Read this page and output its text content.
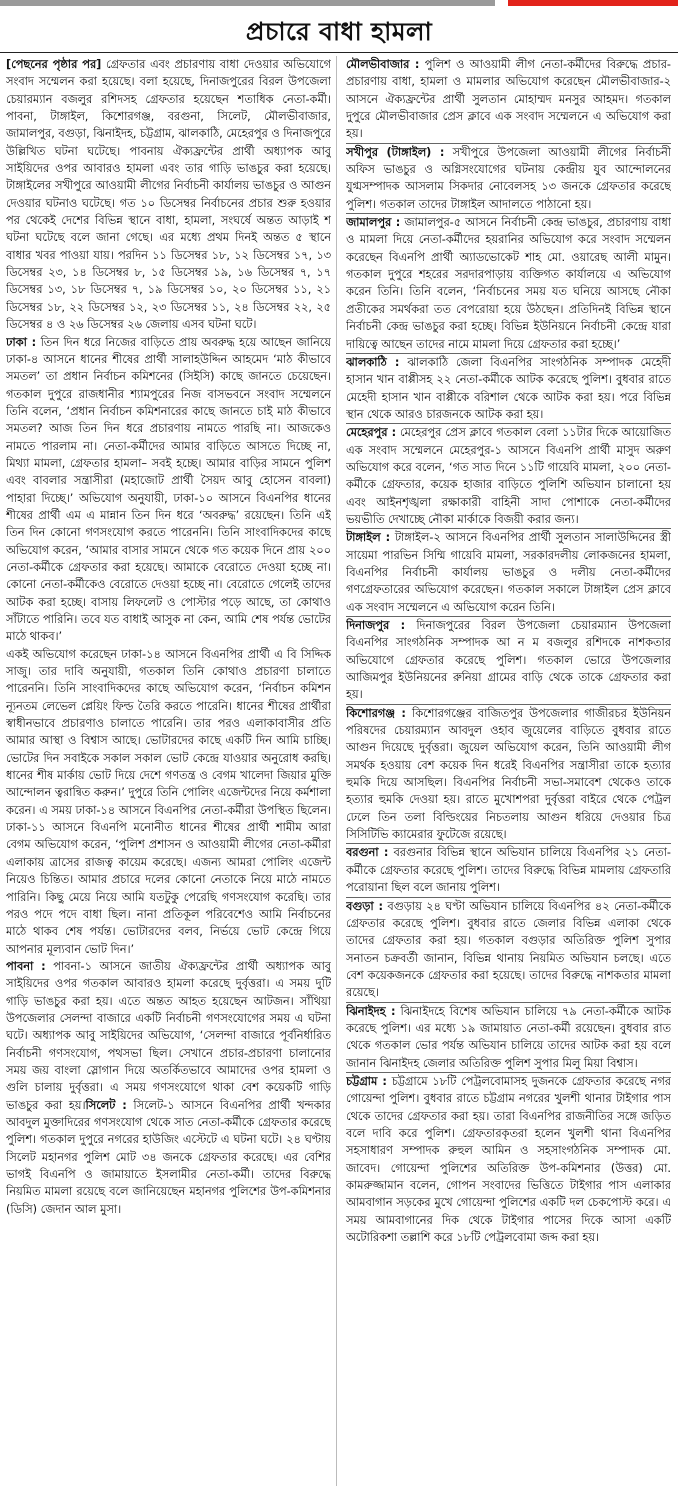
প্রচারে বাধা হামলা

[পেছনের পৃষ্ঠার পর] গ্রেফতার এবং প্রচারণায় বাধা দেওয়ার অভিযোগে সংবাদ সম্মেলন করা হয়েছে। বলা হয়েছে, দিনাজপুরের বিরল উপজেলা চেয়ারম্যান বজলুর রশিদসহ গ্রেফতার হয়েছেন শতাধিক নেতা-কর্মী। পাবনা, টাঙ্গাইল, কিশোরগঞ্জ, বরগুনা, সিলেট, মৌলভীবাজার, জামালপুর, বগুড়া, ঝিনাইদহ, চট্টগ্রাম, ঝালকাঠি, মেহেরপুর ও দিনাজপুরে উল্লিখিত ঘটনা ঘটেছে। পাবনায় ঐক্যফ্রন্টের প্রার্থী অধ্যাপক আবু সাইয়িদের ওপর আবারও হামলা এবং তার গাড়ি ভাঙচুর করা হয়েছে। টাঙ্গাইলের সখীপুরে আওয়ামী লীগের নির্বাচনী কার্যালয় ভাঙচুর ও আগুন দেওয়ার ঘটনাও ঘটেছে। গত ১০ ডিসেম্বর নির্বাচনের প্রচার শুরু হওয়ার পর থেকেই দেশের বিভিন্ন স্থানে বাধা, হামলা, সংঘর্ষে অন্তত আড়াই শ ঘটনা ঘটেছে বলে জানা গেছে। এর মধ্যে প্রথম দিনই অন্তত ৫ স্থানে বাধার খবর পাওয়া যায়। পরদিন ১১ ডিসেম্বর ১৮, ১২ ডিসেম্বর ১৭, ১৩ ডিসেম্বর ২৩, ১৪ ডিসেম্বর ৮, ১৫ ডিসেম্বর ১৯, ১৬ ডিসেম্বর ৭, ১৭ ডিসেম্বর ১৩, ১৮ ডিসেম্বর ৭, ১৯ ডিসেম্বর ১০, ২০ ডিসেম্বর ১১, ২১ ডিসেম্বর ১৮, ২২ ডিসেম্বর ১২, ২৩ ডিসেম্বর ১১, ২৪ ডিসেম্বর ২২, ২৫ ডিসেম্বর ৪ ও ২৬ ডিসেম্বর ২৬ জেলায় এসব ঘটনা ঘটে।

ঢাকা : তিন দিন ধরে নিজের বাড়িতে প্রায় অবরুদ্ধ হয়ে আছেন জানিয়ে ঢাকা-৪ আসনে ধানের শীষের প্রার্থী সালাহউদ্দিন আহমেদ ‘মাঠ কীভাবে সমতল’ তা প্রধান নির্বাচন কমিশনের (সিইসি) কাছে জানতে চেয়েছেন। গতকাল দুপুরে রাজধানীর শ্যামপুরের নিজ বাসভবনে সংবাদ সম্মেলনে তিনি বলেন, ‘প্রধান নির্বাচন কমিশনারের কাছে জানতে চাই মাঠ কীভাবে সমতল? আজ তিন দিন ধরে প্রচারণায় নামতে পারছি না। আজকেও নামতে পারলাম না। নেতা-কর্মীদের আমার বাড়িতে আসতে দিচ্ছে না, মিথ্যা মামলা, গ্রেফতার হামলা– সবই হচ্ছে। আমার বাড়ির সামনে পুলিশ এবং বাবলার সন্ত্রাসীরা (মহাজোট প্রার্থী সৈয়দ আবু হোসেন বাবলা) পাহারা দিচ্ছে।’ অভিযোগ অনুযায়ী, ঢাকা-১০ আসনে বিএনপির ধানের শীষের প্রার্থী এম এ মান্নান তিন দিন ধরে ‘অবরুদ্ধ’ রয়েছেন। তিনি এই তিন দিন কোনো গণসংযোগ করতে পারেননি। তিনি সাংবাদিকদের কাছে অভিযোগ করেন, ‘আমার বাসার সামনে থেকে গত কয়েক দিনে প্রায় ২০০ নেতা-কর্মীকে গ্রেফতার করা হয়েছে। আমাকে বেরোতে দেওয়া হচ্ছে না। কোনো নেতা-কর্মীকেও বেরোতে দেওয়া হচ্ছে না। বেরোতে গেলেই তাদের আটক করা হচ্ছে। বাসায় লিফলেট ও পোস্টার পড়ে আছে, তা কোথাও সাঁটাতে পারিনি। তবে যত বাধাই আসুক না কেন, আমি শেষ পর্যন্ত ভোটের মাঠে থাকব।’

একই অভিযোগ করেছেন ঢাকা-১৪ আসনে বিএনপির প্রার্থী এ বি সিদ্দিক সাজু। তার দাবি অনুযায়ী, গতকাল তিনি কোথাও প্রচারণা চালাতে পারেননি। তিনি সাংবাদিকদের কাছে অভিযোগ করেন, ‘নির্বাচন কমিশন ন্যূনতম লেভেল প্লেয়িং ফিল্ড তৈরি করতে পারেনি। ধানের শীষের প্রার্থীরা স্বাধীনভাবে প্রচারণাও চালাতে পারেনি। তার পরও এলাকাবাসীর প্রতি আমার আস্থা ও বিশ্বাস আছে। ভোটারদের কাছে একটি দিন আমি চাচ্ছি। ভোটের দিন সবাইকে সকাল সকাল ভোট কেন্দ্রে যাওয়ার অনুরোধ করছি। ধানের শীষ মার্কায় ভোট দিয়ে দেশে গণতন্ত্র ও বেগম খালেদা জিয়ার মুক্তি আন্দোলন ত্বরান্বিত করুন।’ দুপুরে তিনি পোলিং এজেন্টদের নিয়ে কর্মশালা করেন। এ সময় ঢাকা-১৪ আসনে বিএনপির নেতা-কর্মীরা উপস্থিত ছিলেন। ঢাকা-১১ আসনে বিএনপি মনোনীত ধানের শীষের প্রার্থী শামীম আরা বেগম অভিযোগ করেন, ‘পুলিশ প্রশাসন ও আওয়ামী লীগের নেতা-কর্মীরা এলাকায় ত্রাসের রাজত্ব কায়েম করেছে। এজন্য আমরা পোলিং এজেন্ট নিয়েও চিন্তিত। আমার প্রচারে দলের কোনো নেতাকে নিয়ে মাঠে নামতে পারিনি। কিছু মেয়ে নিয়ে আমি যতটুকু পেরেছি গণসংযোগ করেছি। তার পরও পদে পদে বাধা ছিল। নানা প্রতিকূল পরিবেশেও আমি নির্বাচনের মাঠে থাকব শেষ পর্যন্ত। ভোটারদের বলব, নির্ভয়ে ভোট কেন্দ্রে গিয়ে আপনার মূল্যবান ভোট দিন।’

পাবনা : পাবনা-১ আসনে জাতীয় ঐক্যফ্রন্টের প্রার্থী অধ্যাপক আবু সাইয়িদের ওপর গতকাল আবারও হামলা করেছে দুর্বৃত্তরা। এ সময় দুটি গাড়ি ভাঙচুর করা হয়। এতে অন্তত আহত হয়েছেন আটজন। সাঁথিয়া উপজেলার সেলন্দা বাজারে একটি নির্বাচনী গণসংযোগের সময় এ ঘটনা ঘটে। অধ্যাপক আবু সাইয়িদের অভিযোগ, ‘সেলন্দা বাজারে পূর্বনির্ধারিত নির্বাচনী গণসংযোগ, পথসভা ছিল। সেখানে প্রচার-প্রচারণা চালানোর সময় জয় বাংলা স্লোগান দিয়ে অতর্কিতভাবে আমাদের ওপর হামলা ও গুলি চালায় দুর্বৃত্তরা। এ সময় গণসংযোগে থাকা বেশ কয়েকটি গাড়ি ভাঙচুর করা হয়।সিলেট : সিলেট-১ আসনে বিএনপির প্রার্থী খন্দকার আবদুল মুক্তাদিরের গণসংযোগ থেকে সাত নেতা-কর্মীকে গ্রেফতার করেছে পুলিশ। গতকাল দুপুরে নগরের হাউজিং এস্টেটে এ ঘটনা ঘটে। ২৪ ঘণ্টায় সিলেট মহানগর পুলিশ মোট ৩৪ জনকে গ্রেফতার করেছে। এর বেশির ভাগই বিএনপি ও জামায়াতে ইসলামীর নেতা-কর্মী। তাদের বিরুদ্ধে নিয়মিত মামলা রয়েছে বলে জানিয়েছেন মহানগর পুলিশের উপ-কমিশনার (ডিসি) জেদান আল মুসা।

মৌলভীবাজার : পুলিশ ও আওয়ামী লীগ নেতা-কর্মীদের বিরুদ্ধে প্রচার-প্রচারণায় বাধা, হামলা ও মামলার অভিযোগ করেছেন মৌলভীবাজার-২ আসনে ঐক্যফ্রন্টের প্রার্থী সুলতান মোহাম্মদ মনসুর আহমদ। গতকাল দুপুরে মৌলভীবাজার প্রেস ক্লাবে এক সংবাদ সম্মেলনে এ অভিযোগ করা হয়।

সখীপুর (টাঙ্গাইল) : সখীপুরে উপজেলা আওয়ামী লীগের নির্বাচনী অফিস ভাঙচুর ও অগ্নিসংযোগের ঘটনায় কেন্দ্রীয় যুব আন্দোলনের যুগ্মসম্পাদক আসলাম সিকদার নোবেলসহ ১৩ জনকে গ্রেফতার করেছে পুলিশ। গতকাল তাদের টাঙ্গাইল আদালতে পাঠানো হয়।

জামালপুর : জামালপুর-৫ আসনে নির্বাচনী কেন্দ্র ভাঙচুর, প্রচারণায় বাধা ও মামলা দিয়ে নেতা-কর্মীদের হয়রানির অভিযোগ করে সংবাদ সম্মেলন করেছেন বিএনপি প্রার্থী অ্যাডভোকেট শাহ মো. ওয়ারেছ আলী মামুন। গতকাল দুপুরে শহরের সরদারপাড়ায় ব্যক্তিগত কার্যালয়ে এ অভিযোগ করেন তিনি। তিনি বলেন, ‘নির্বাচনের সময় যত ঘনিয়ে আসছে নৌকা প্রতীকের সমর্থকরা তত বেপরোয়া হয়ে উঠছেন। প্রতিদিনই বিভিন্ন স্থানে নির্বাচনী কেন্দ্র ভাঙচুর করা হচ্ছে। বিভিন্ন ইউনিয়নে নির্বাচনী কেন্দ্রে যারা দায়িত্বে আছেন তাদের নামে মামলা দিয়ে গ্রেফতার করা হচ্ছে।’

ঝালকাঠি : ঝালকাঠি জেলা বিএনপির সাংগঠনিক সম্পাদক মেহেদী হাসান খান বাপ্পীসহ ২২ নেতা-কর্মীকে আটক করেছে পুলিশ। বুধবার রাতে মেহেদী হাসান খান বাপ্পীকে বরিশাল থেকে আটক করা হয়। পরে বিভিন্ন স্থান থেকে আরও চারজনকে আটক করা হয়।

মেহেরপুর : মেহেরপুর প্রেস ক্লাবে গতকাল বেলা ১১টার দিকে আয়োজিত এক সংবাদ সম্মেলনে মেহেরপুর-১ আসনে বিএনপি প্রার্থী মাসুদ অরুণ অভিযোগ করে বলেন, ‘গত সাত দিনে ১১টি গায়েবি মামলা, ২০০ নেতা-কর্মীকে গ্রেফতার, কয়েক হাজার বাড়িতে পুলিশি অভিযান চালানো হয় এবং আইনশৃঙ্খলা রক্ষাকারী বাহিনী সাদা পোশাকে নেতা-কর্মীদের ভয়ভীতি দেখাচ্ছে নৌকা মার্কাকে বিজয়ী করার জন্য।

টাঙ্গাইল : টাঙ্গাইল-২ আসনে বিএনপির প্রার্থী সুলতান সালাউদ্দিনের স্ত্রী সায়েমা পারভিন সিম্মি গায়েবি মামলা, সরকারদলীয় লোকজনের হামলা, বিএনপির নির্বাচনী কার্যালয় ভাঙচুর ও দলীয় নেতা-কর্মীদের গণগ্রেফতারের অভিযোগ করেছেন। গতকাল সকালে টাঙ্গাইল প্রেস ক্লাবে এক সংবাদ সম্মেলনে এ অভিযোগ করেন তিনি।

দিনাজপুর : দিনাজপুরের বিরল উপজেলা চেয়ারম্যান উপজেলা বিএনপির সাংগঠনিক সম্পাদক আ ন ম বজলুর রশিদকে নাশকতার অভিযোগে গ্রেফতার করেছে পুলিশ। গতকাল ভোরে উপজেলার আজিমপুর ইউনিয়নের রুনিয়া গ্রামের বাড়ি থেকে তাকে গ্রেফতার করা হয়।

কিশোরগঞ্জ : কিশোরগঞ্জের বাজিতপুর উপজেলার গাজীরচর ইউনিয়ন পরিষদের চেয়ারম্যান আবদুল ওহাব জুয়েলের বাড়িতে বুধবার রাতে আগুন দিয়েছে দুর্বৃত্তরা। জুয়েল অভিযোগ করেন, তিনি আওয়ামী লীগ সমর্থক হওয়ায় বেশ কয়েক দিন ধরেই বিএনপির সন্ত্রাসীরা তাকে হত্যার হুমকি দিয়ে আসছিল। বিএনপির নির্বাচনী সভা-সমাবেশ থেকেও তাকে হত্যার হুমকি দেওয়া হয়। রাতে মুখোশপরা দুর্বৃত্তরা বাইরে থেকে পেট্রল ঢেলে তিন তলা বিল্ডিংয়ের নিচতলায় আগুন ধরিয়ে দেওয়ার চিত্র সিসিটিভি ক্যামেরার ফুটেজে রয়েছে।

বরগুনা : বরগুনার বিভিন্ন স্থানে অভিযান চালিয়ে বিএনপির ২১ নেতা-কর্মীকে গ্রেফতার করেছে পুলিশ। তাদের বিরুদ্ধে বিভিন্ন মামলায় গ্রেফতারি পরোয়ানা ছিল বলে জানায় পুলিশ।

বগুড়া : বগুড়ায় ২৪ ঘণ্টা অভিযান চালিয়ে বিএনপির ৪২ নেতা-কর্মীকে গ্রেফতার করেছে পুলিশ। বুধবার রাতে জেলার বিভিন্ন এলাকা থেকে তাদের গ্রেফতার করা হয়। গতকাল বগুড়ার অতিরিক্ত পুলিশ সুপার সনাতন চক্রবর্তী জানান, বিভিন্ন থানায় নিয়মিত অভিযান চলছে। এতে বেশ কয়েকজনকে গ্রেফতার করা হয়েছে। তাদের বিরুদ্ধে নাশকতার মামলা রয়েছে।

ঝিনাইদহ : ঝিনাইদহে বিশেষ অভিযান চালিয়ে ৭৯ নেতা-কর্মীকে আটক করেছে পুলিশ। এর মধ্যে ১৯ জামায়াত নেতা-কর্মী রয়েছেন। বুধবার রাত থেকে গতকাল ভোর পর্যন্ত অভিযান চালিয়ে তাদের আটক করা হয় বলে জানান ঝিনাইদহ জেলার অতিরিক্ত পুলিশ সুপার মিলু মিয়া বিশ্বাস।

চট্টগ্রাম : চট্টগ্রামে ১৮টি পেট্রলবোমাসহ দুজনকে গ্রেফতার করেছে নগর গোয়েন্দা পুলিশ। বুধবার রাতে চট্টগ্রাম নগরের খুলশী থানার টাইগার পাস থেকে তাদের গ্রেফতার করা হয়। তারা বিএনপির রাজনীতির সঙ্গে জড়িত বলে দাবি করে পুলিশ। গ্রেফতারকৃতরা হলেন খুলশী থানা বিএনপির সহসাধারণ সম্পাদক রুহুল আমিন ও সহসাংগঠনিক সম্পাদক মো. জাবেদ। গোয়েন্দা পুলিশের অতিরিক্ত উপ-কমিশনার (উত্তর) মো. কামরুজ্জামান বলেন, গোপন সংবাদের ভিত্তিতে টাইগার পাস এলাকার আমবাগান সড়কের মুখে গোয়েন্দা পুলিশের একটি দল চেকপোস্ট করে। এ সময় আমবাগানের দিক থেকে টাইগার পাসের দিকে আসা একটি অটোরিকশা তল্লাশি করে ১৮টি পেট্রলবোমা জব্দ করা হয়।
